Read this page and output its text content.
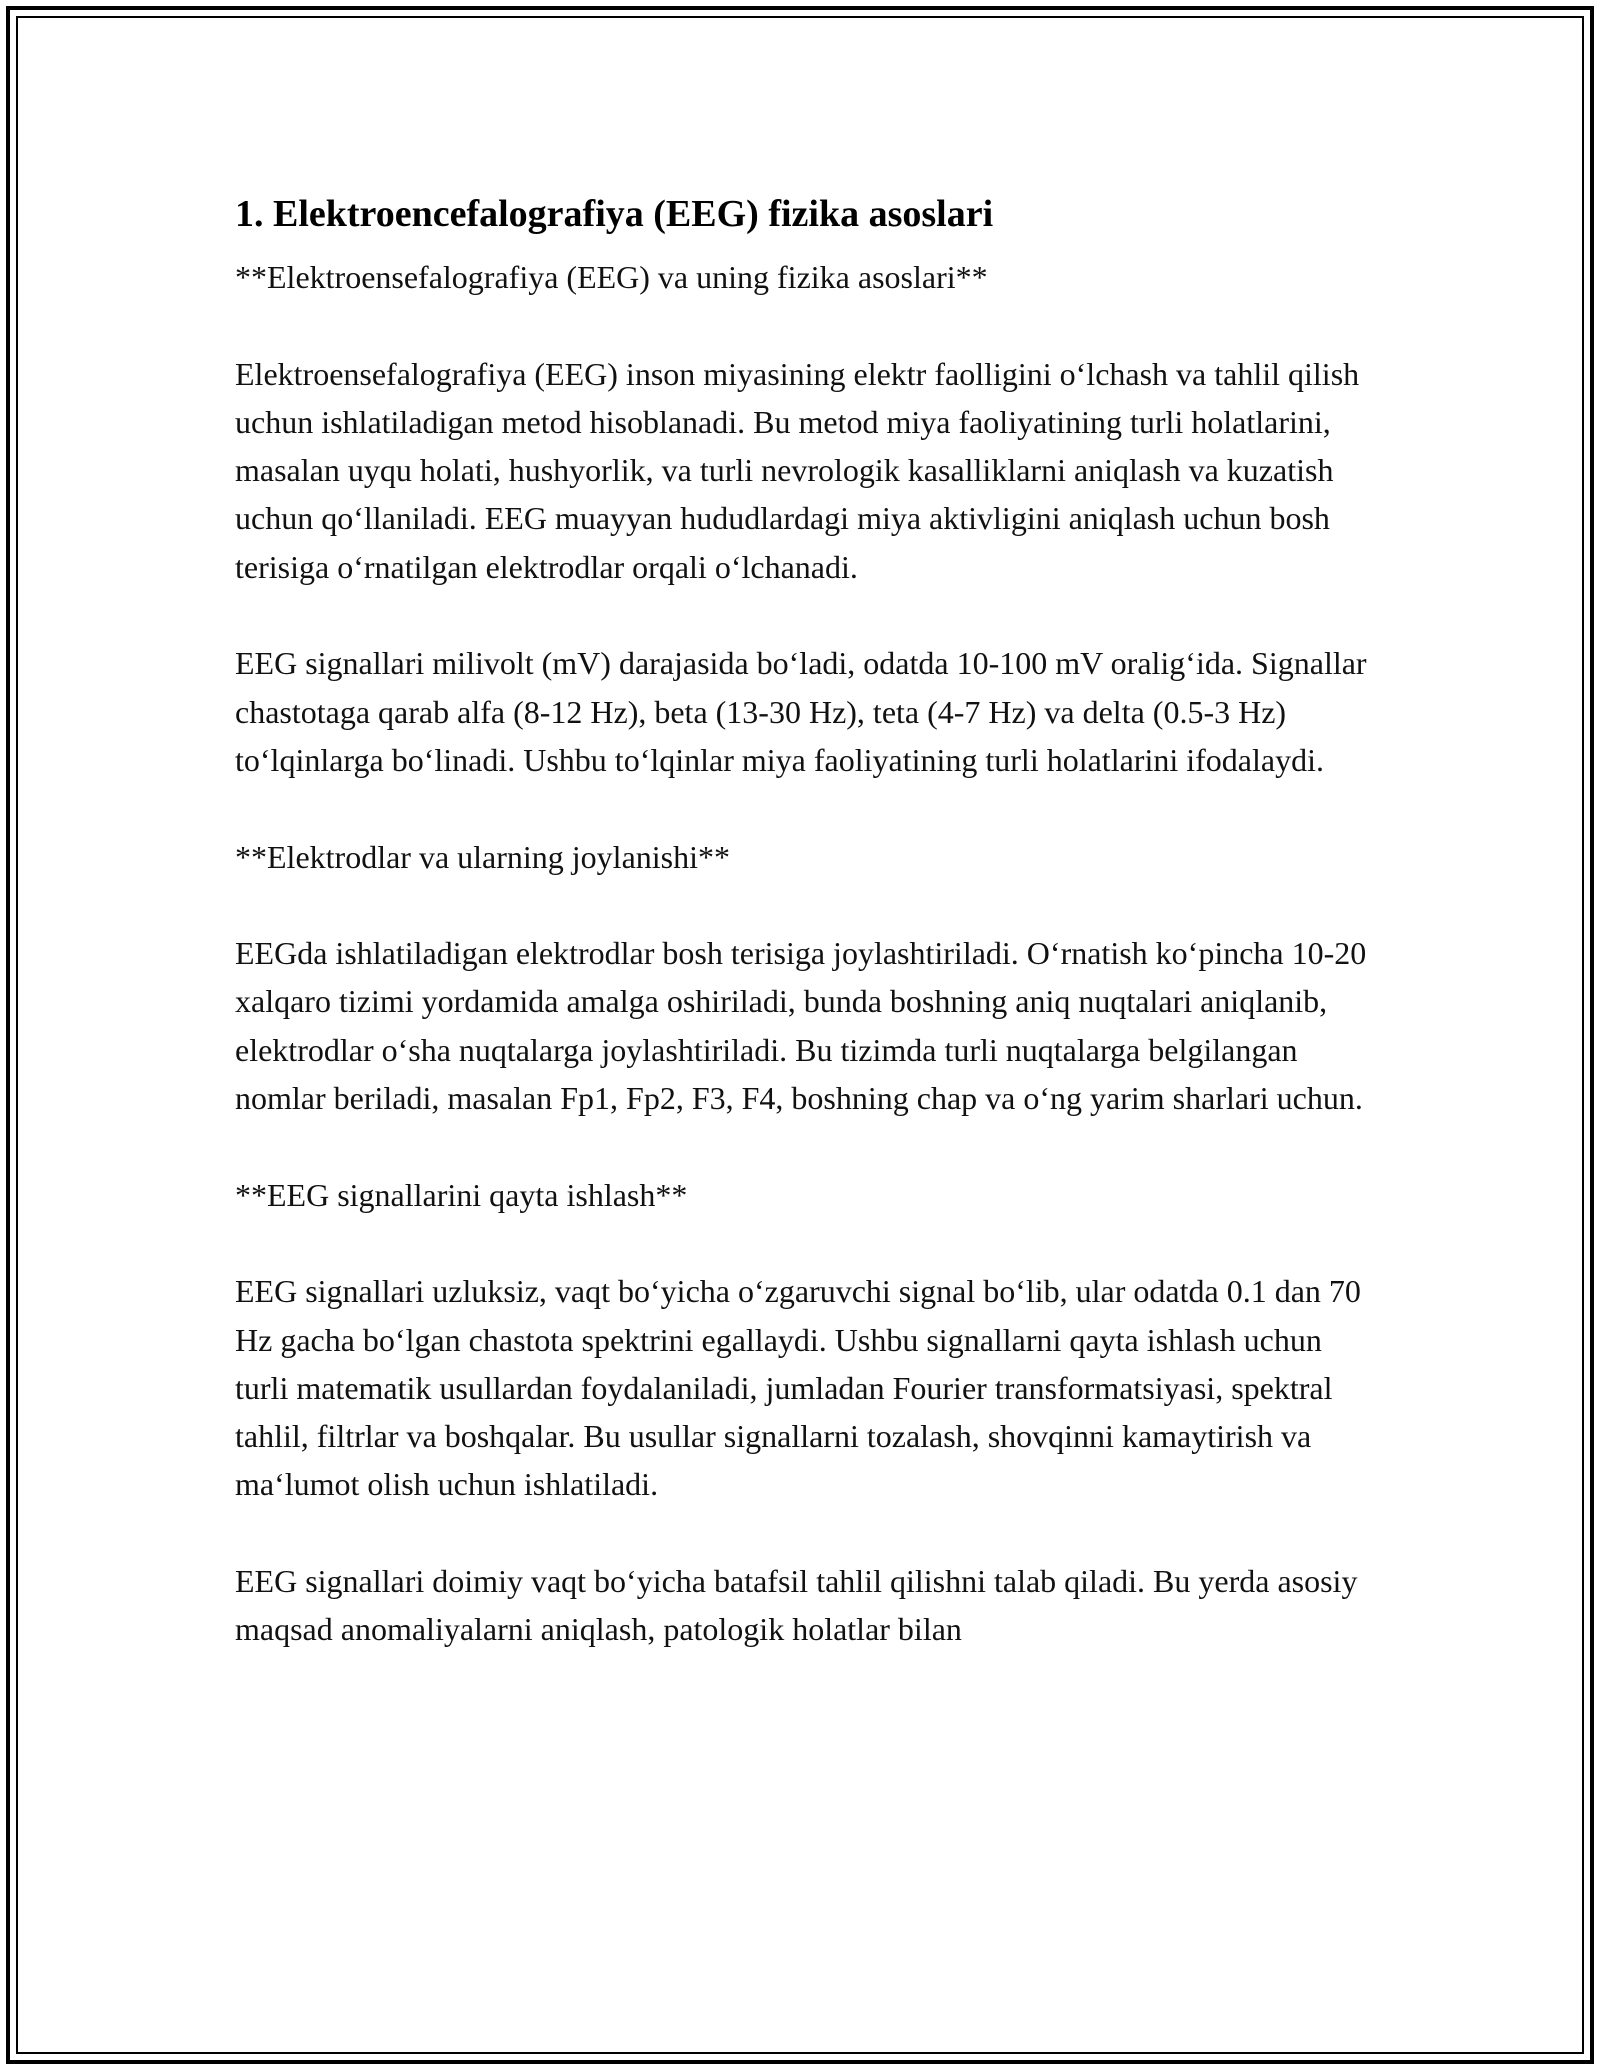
1. Elektroencefalografiya (EEG) fizika asoslari

**Elektroensefalografiya (EEG) va uning fizika asoslari**

Elektroensefalografiya (EEG) inson miyasining elektr faolligini o‘lchash va tahlil qilish uchun ishlatiladigan metod hisoblanadi. Bu metod miya faoliyatining turli holatlarini, masalan uyqu holati, hushyorlik, va turli nevrologik kasalliklarni aniqlash va kuzatish uchun qo‘llaniladi. EEG muayyan hududlardagi miya aktivligini aniqlash uchun bosh terisiga o‘rnatilgan elektrodlar orqali o‘lchanadi.

EEG signallari milivolt (mV) darajasida bo‘ladi, odatda 10-100 mV oralig‘ida. Signallar chastotaga qarab alfa (8-12 Hz), beta (13-30 Hz), teta (4-7 Hz) va delta (0.5-3 Hz) to‘lqinlarga bo‘linadi. Ushbu to‘lqinlar miya faoliyatining turli holatlarini ifodalaydi.

**Elektrodlar va ularning joylanishi**

EEGda ishlatiladigan elektrodlar bosh terisiga joylashtiriladi. O‘rnatish ko‘pincha 10-20 xalqaro tizimi yordamida amalga oshiriladi, bunda boshning aniq nuqtalari aniqlanib, elektrodlar o‘sha nuqtalarga joylashtiriladi. Bu tizimda turli nuqtalarga belgilangan nomlar beriladi, masalan Fp1, Fp2, F3, F4, boshning chap va o‘ng yarim sharlari uchun.

**EEG signallarini qayta ishlash**

EEG signallari uzluksiz, vaqt bo‘yicha o‘zgaruvchi signal bo‘lib, ular odatda 0.1 dan 70 Hz gacha bo‘lgan chastota spektrini egallaydi. Ushbu signallarni qayta ishlash uchun turli matematik usullardan foydalaniladi, jumladan Fourier transformatsiyasi, spektral tahlil, filtrlar va boshqalar. Bu usullar signallarni tozalash, shovqinni kamaytirish va ma‘lumot olish uchun ishlatiladi.

EEG signallari doimiy vaqt bo‘yicha batafsil tahlil qilishni talab qiladi. Bu yerda asosiy maqsad anomaliyalarni aniqlash, patologik holatlar bilan
